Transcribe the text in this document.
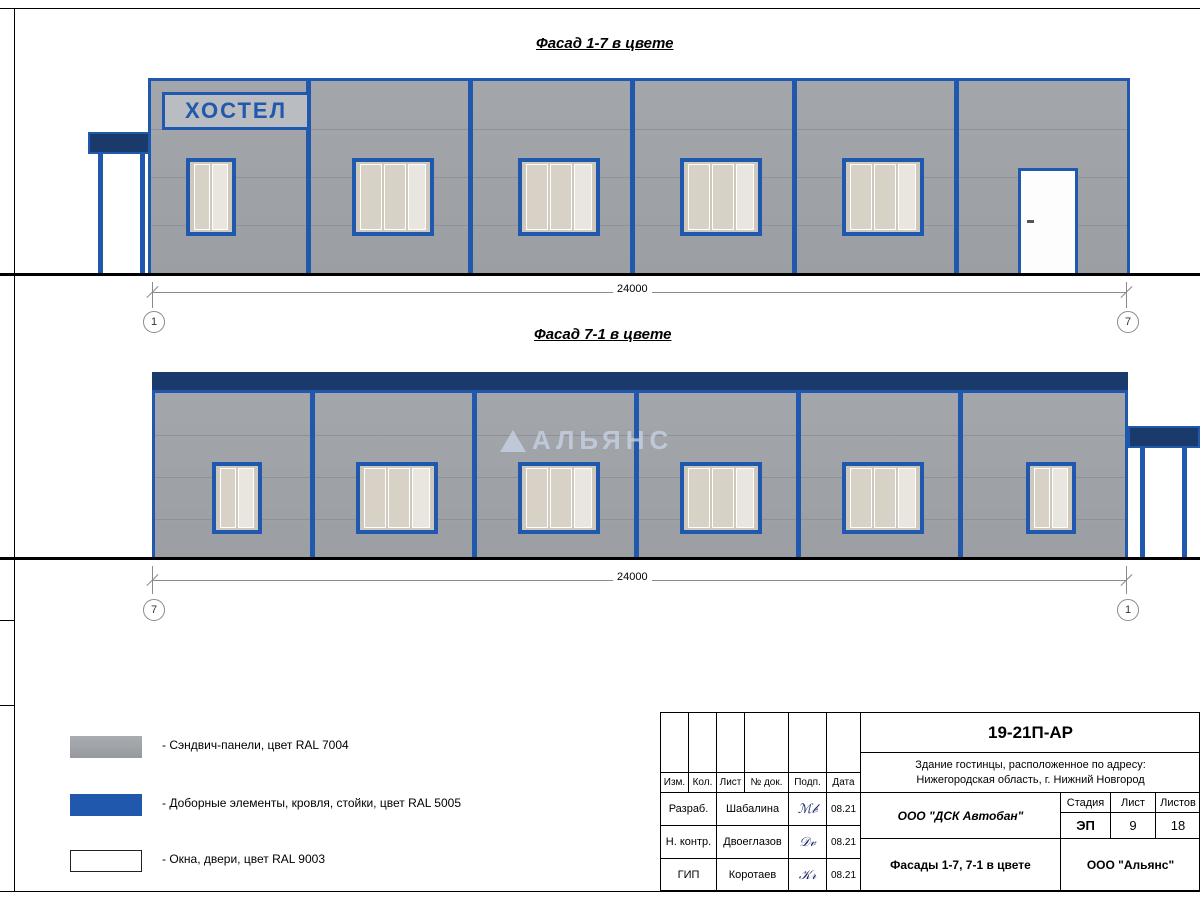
Фасад 1-7 в цвете
ХОСТЕЛ
24000
1	7
Фасад 7-1 в цвете
АЛЬЯНС
24000
7	1
- Сэндвич-панели, цвет RAL 7004
- Доборные элементы, кровля, стойки, цвет RAL 5005
- Окна, двери, цвет RAL 9003
Изм. Кол. Лист № док.	Подп.	Дата
Разраб.	Шабалина	ℳ𝒷	08.21
Н. контр.	Двоеглазов	𝒟𝓋	08.21
ГИП	Коротаев	𝒦𝓇	08.21
19-21П-АР
Здание гостинцы, расположенное по адресу:
Нижегородская область, г. Нижний Новгород
ООО "ДСК Автобан"
Стадия	Лист	Листов
ЭП	9	18
Фасады 1-7, 7-1 в цвете	ООО "Альянс"
